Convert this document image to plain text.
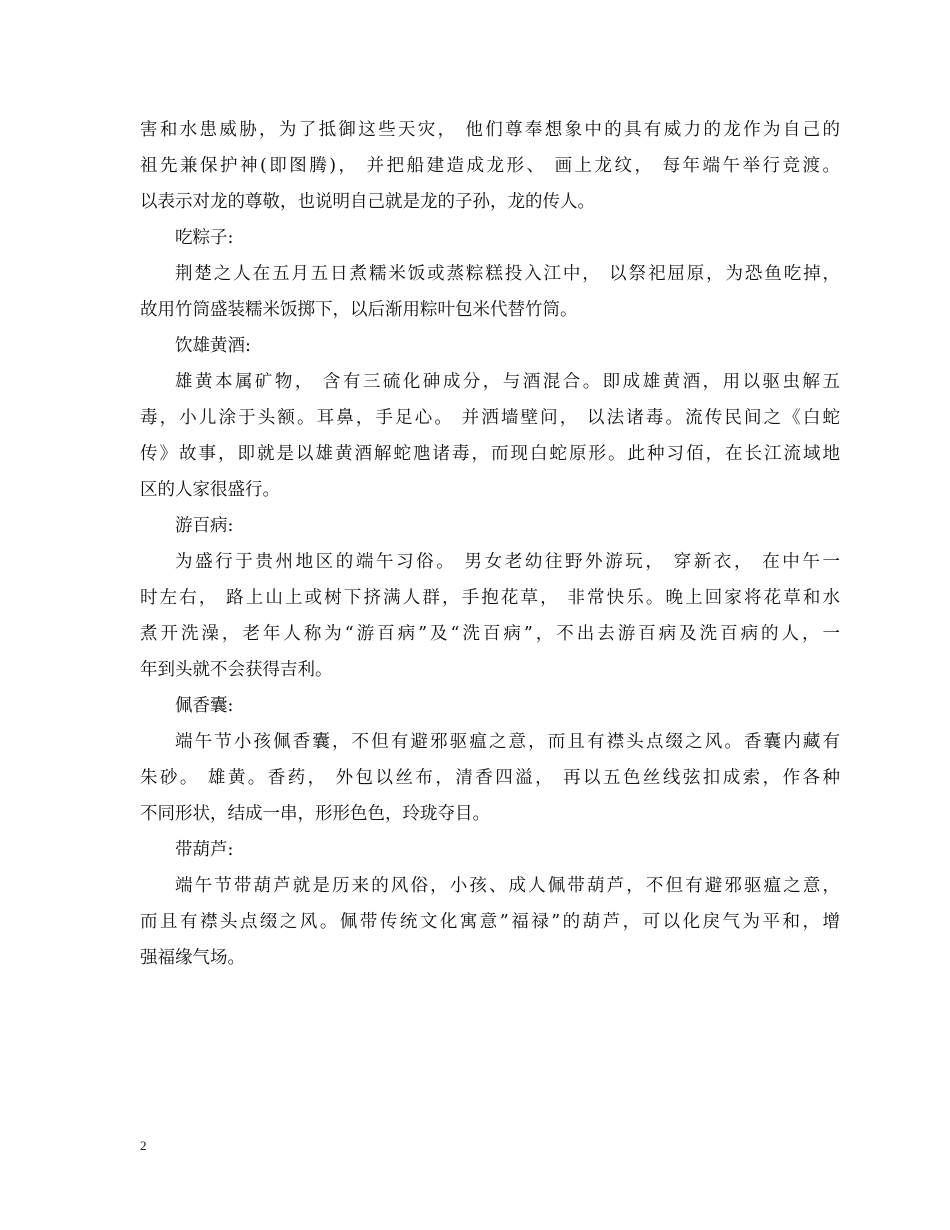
害和水患威胁，为了抵御这些天灾， 他们尊奉想象中的具有威力的龙作为自己的
祖先兼保护神(即图腾)， 并把船建造成龙形、 画上龙纹， 每年端午举行竞渡。
以表示对龙的尊敬，也说明自己就是龙的子孙，龙的传人。
吃粽子:
荆楚之人在五月五日煮糯米饭或蒸粽糕投入江中， 以祭祀屈原，为恐鱼吃掉，
故用竹筒盛装糯米饭掷下，以后渐用粽叶包米代替竹筒。
饮雄黄酒:
雄黄本属矿物， 含有三硫化砷成分，与酒混合。即成雄黄酒，用以驱虫解五
毒，小儿涂于头额。耳鼻，手足心。 并洒墙壁问， 以法诸毒。流传民间之《白蛇
传》故事，即就是以雄黄酒解蛇虺诸毒，而现白蛇原形。此种习佰，在长江流域地
区的人家很盛行。
游百病:
为盛行于贵州地区的端午习俗。 男女老幼往野外游玩， 穿新衣， 在中午一
时左右， 路上山上或树下挤满人群，手抱花草， 非常快乐。晚上回家将花草和水
煮开洗澡，老年人称为“游百病”及“洗百病”，不出去游百病及洗百病的人，一
年到头就不会获得吉利。
佩香囊:
端午节小孩佩香囊，不但有避邪驱瘟之意，而且有襟头点缀之风。香囊内藏有
朱砂。 雄黄。香药， 外包以丝布，清香四溢， 再以五色丝线弦扣成索，作各种
不同形状，结成一串，形形色色，玲珑夺目。
带葫芦:
端午节带葫芦就是历来的风俗，小孩、成人佩带葫芦，不但有避邪驱瘟之意，
而且有襟头点缀之风。佩带传统文化寓意”福禄”的葫芦，可以化戾气为平和，增
强福缘气场。
2
